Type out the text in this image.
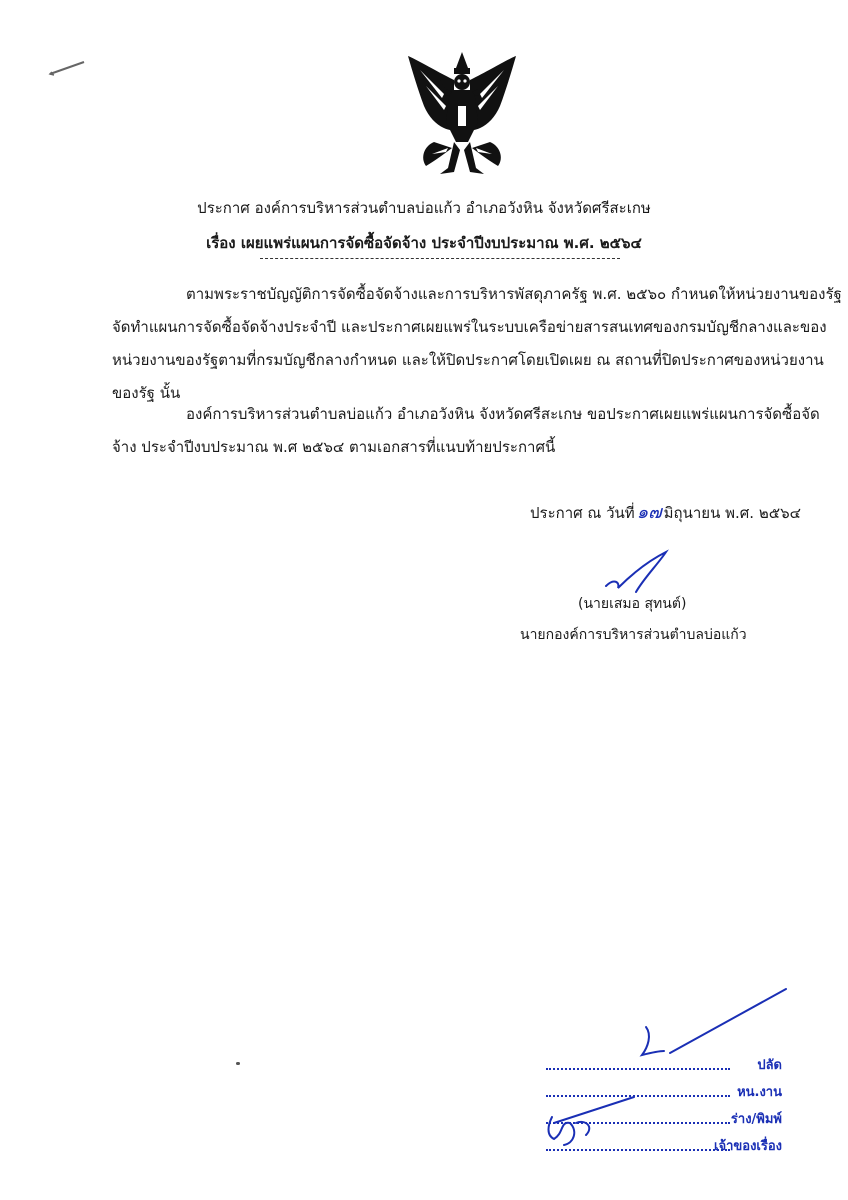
ประกาศ องค์การบริหารส่วนตำบลบ่อแก้ว อำเภอวังหิน จังหวัดศรีสะเกษ
เรื่อง เผยแพร่แผนการจัดซื้อจัดจ้าง ประจำปีงบประมาณ พ.ศ. ๒๕๖๔
ตามพระราชบัญญัติการจัดซื้อจัดจ้างและการบริหารพัสดุภาครัฐ พ.ศ. ๒๕๖๐ กำหนดให้หน่วยงานของรัฐ
จัดทำแผนการจัดซื้อจัดจ้างประจำปี และประกาศเผยแพร่ในระบบเครือข่ายสารสนเทศของกรมบัญชีกลางและของ
หน่วยงานของรัฐตามที่กรมบัญชีกลางกำหนด และให้ปิดประกาศโดยเปิดเผย ณ สถานที่ปิดประกาศของหน่วยงาน
ของรัฐ นั้น
องค์การบริหารส่วนตำบลบ่อแก้ว อำเภอวังหิน จังหวัดศรีสะเกษ ขอประกาศเผยแพร่แผนการจัดซื้อจัด
จ้าง ประจำปีงบประมาณ พ.ศ ๒๕๖๔ ตามเอกสารที่แนบท้ายประกาศนี้
ประกาศ ณ วันที่ ๑๗ มิถุนายน พ.ศ. ๒๕๖๔
(นายเสมอ สุทนต์)
นายกองค์การบริหารส่วนตำบลบ่อแก้ว
ปลัด
หน.งาน
ร่าง/พิมพ์
เจ้าของเรื่อง
